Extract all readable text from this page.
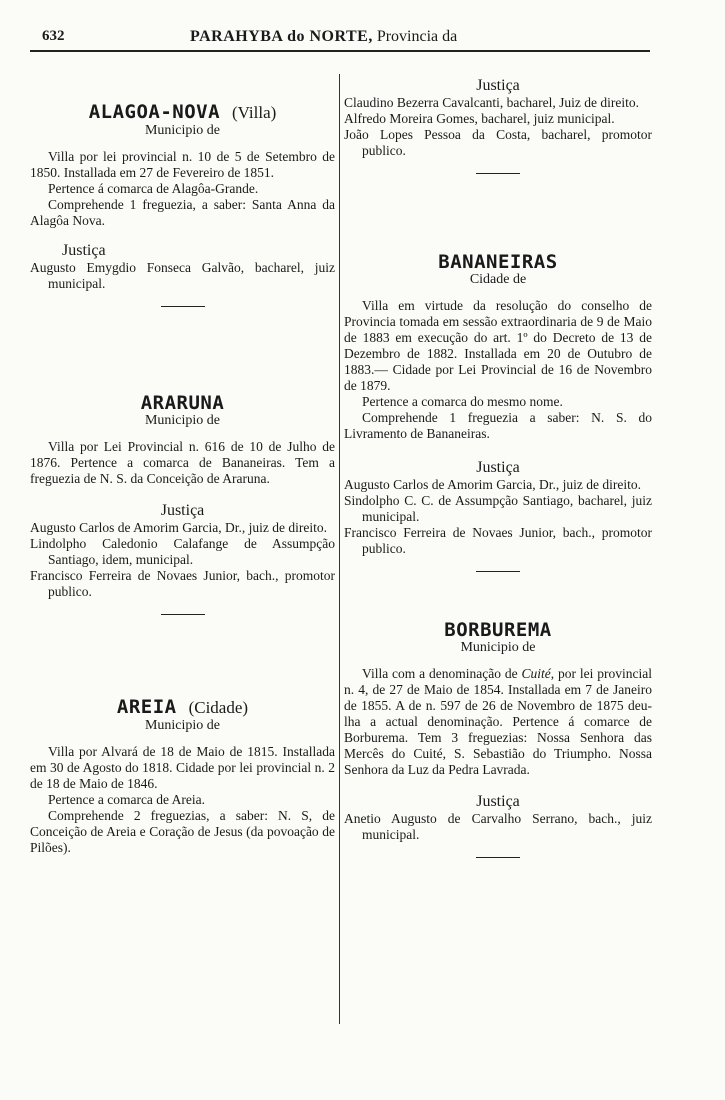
632	PARAHYBA do NORTE, Provincia da
ALAGOA-NOVA (Villa)
Municipio de

Villa por lei provincial n. 10 de 5 de Setembro de 1850. Installada em 27 de Fevereiro de 1851.

Pertence á comarca de Alagôa-Grande.

Comprehende 1 freguezia, a saber: Santa Anna da Alagôa Nova.

Justiça

Augusto Emygdio Fonseca Galvão, bacharel, juiz municipal.

ARARUNA
Municipio de

Villa por Lei Provincial n. 616 de 10 de Julho de 1876. Pertence a comarca de Bananeiras. Tem a freguezia de N. S. da Conceição de Araruna.

Justiça

Augusto Carlos de Amorim Garcia, Dr., juiz de direito.

Lindolpho Caledonio Calafange de Assumpção Santiago, idem, municipal.

Francisco Ferreira de Novaes Junior, bach., promotor publico.

AREIA (Cidade)
Municipio de

Villa por Alvará de 18 de Maio de 1815. Installada em 30 de Agosto do 1818. Cidade por lei provincial n. 2 de 18 de Maio de 1846.

Pertence a comarca de Areia.

Comprehende 2 freguezias, a saber: N. S, de Conceição de Areia e Coração de Jesus (da povoação de Pilões).

Justiça

Claudino Bezerra Cavalcanti, bacharel, Juiz de direito.

Alfredo Moreira Gomes, bacharel, juiz municipal.

João Lopes Pessoa da Costa, bacharel, promotor publico.

BANANEIRAS
Cidade de

Villa em virtude da resolução do conselho de Provincia tomada em sessão extraordinaria de 9 de Maio de 1883 em execução do art. 1º do Decreto de 13 de Dezembro de 1882. Installada em 20 de Outubro de 1883.— Cidade por Lei Provincial de 16 de Novembro de 1879.

Pertence a comarca do mesmo nome.

Comprehende 1 freguezia a saber: N. S. do Livramento de Bananeiras.

Justiça

Augusto Carlos de Amorim Garcia, Dr., juiz de direito.

Sindolpho C. C. de Assumpção Santiago, bacharel, juiz municipal.

Francisco Ferreira de Novaes Junior, bach., promotor publico.

BORBUREMA
Municipio de

Villa com a denominação de Cuité, por lei provincial n. 4, de 27 de Maio de 1854. Installada em 7 de Janeiro de 1855. A de n. 597 de 26 de Novembro de 1875 deu-lha a actual denominação. Pertence á comarce de Borburema. Tem 3 freguezias: Nossa Senhora das Mercês do Cuité, S. Sebastião do Triumpho. Nossa Senhora da Luz da Pedra Lavrada.

Justiça

Anetio Augusto de Carvalho Serrano, bach., juiz municipal.
